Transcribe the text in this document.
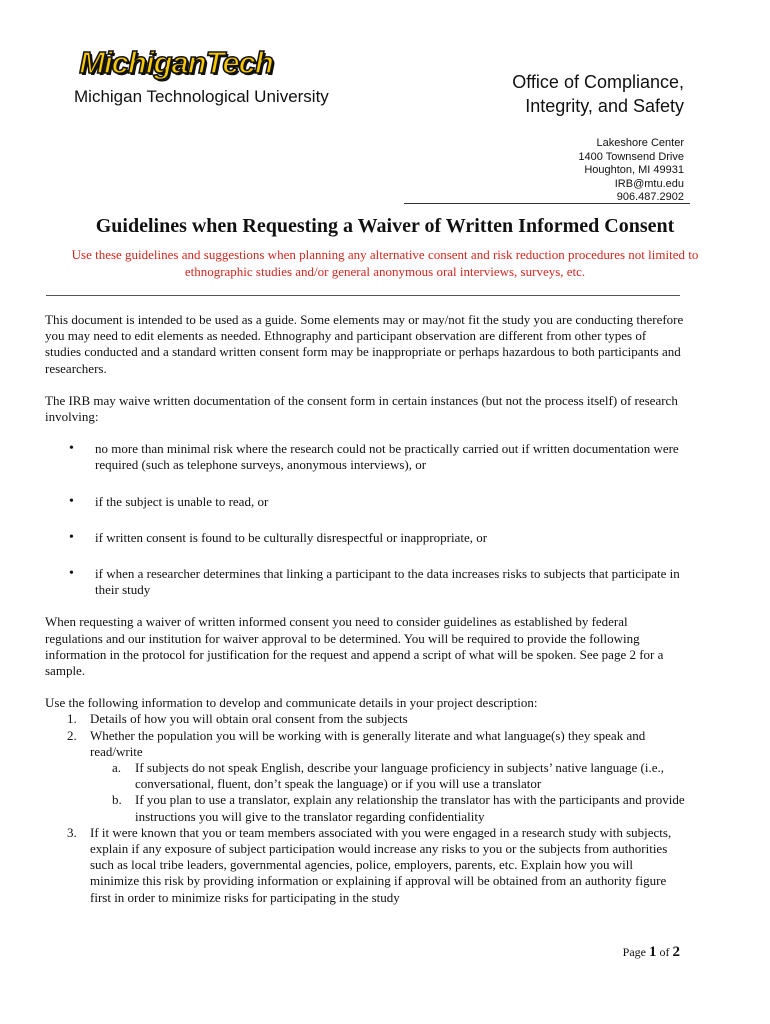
MichiganTech
Michigan Technological University
Office of Compliance,
Integrity, and Safety
Lakeshore Center
1400 Townsend Drive
Houghton, MI 49931
IRB@mtu.edu
906.487.2902
Guidelines when Requesting a Waiver of Written Informed Consent
Use these guidelines and suggestions when planning any alternative consent and risk reduction procedures not limited to ethnographic studies and/or general anonymous oral interviews, surveys, etc.

This document is intended to be used as a guide. Some elements may or may/not fit the study you are conducting therefore you may need to edit elements as needed. Ethnography and participant observation are different from other types of studies conducted and a standard written consent form may be inappropriate or perhaps hazardous to both participants and researchers.

The IRB may waive written documentation of the consent form in certain instances (but not the process itself) of research involving:

• no more than minimal risk where the research could not be practically carried out if written documentation were required (such as telephone surveys, anonymous interviews), or
• if the subject is unable to read, or
• if written consent is found to be culturally disrespectful or inappropriate, or
• if when a researcher determines that linking a participant to the data increases risks to subjects that participate in their study

When requesting a waiver of written informed consent you need to consider guidelines as established by federal regulations and our institution for waiver approval to be determined. You will be required to provide the following information in the protocol for justification for the request and append a script of what will be spoken. See page 2 for a sample.

Use the following information to develop and communicate details in your project description:

1. Details of how you will obtain oral consent from the subjects
2. Whether the population you will be working with is generally literate and what language(s) they speak and read/write
a. If subjects do not speak English, describe your language proficiency in subjects’ native language (i.e., conversational, fluent, don’t speak the language) or if you will use a translator
b. If you plan to use a translator, explain any relationship the translator has with the participants and provide instructions you will give to the translator regarding confidentiality
3. If it were known that you or team members associated with you were engaged in a research study with subjects, explain if any exposure of subject participation would increase any risks to you or the subjects from authorities such as local tribe leaders, governmental agencies, police, employers, parents, etc. Explain how you will minimize this risk by providing information or explaining if approval will be obtained from an authority figure first in order to minimize risks for participating in the study
Page 1 of 2
